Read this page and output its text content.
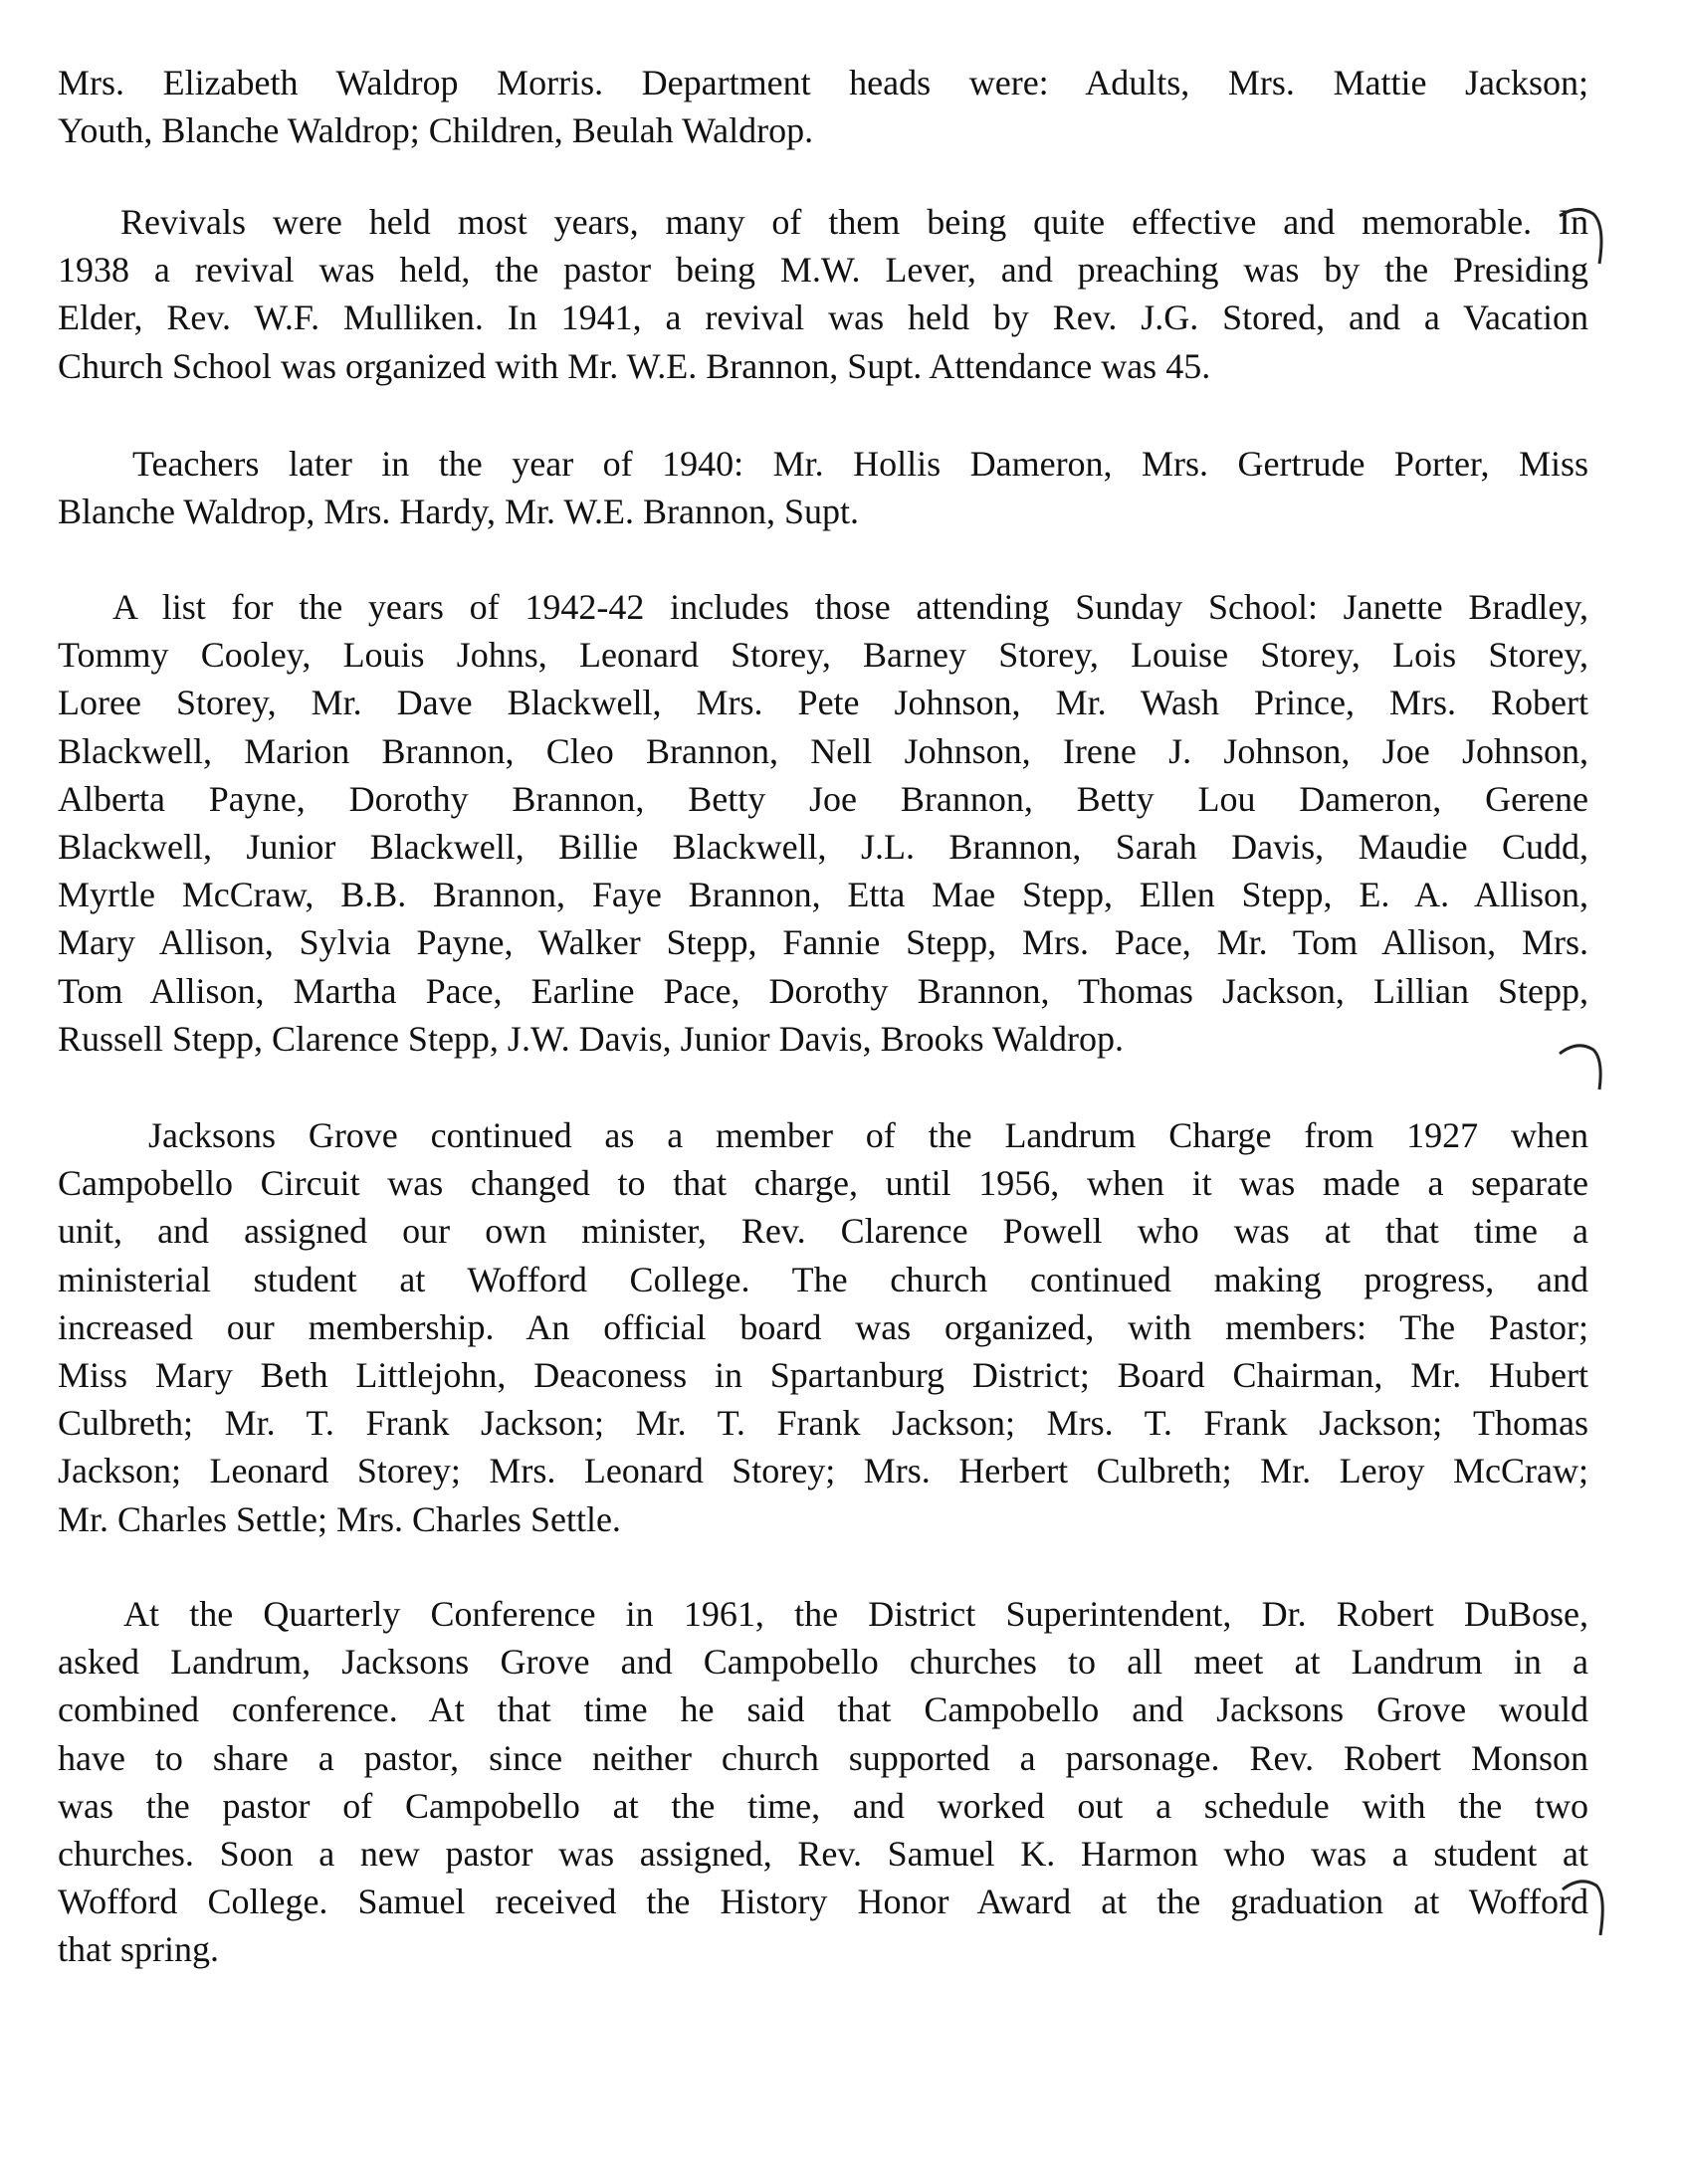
Mrs. Elizabeth Waldrop Morris. Department heads were: Adults, Mrs. Mattie Jackson;
Youth, Blanche Waldrop; Children, Beulah Waldrop.
Revivals were held most years, many of them being quite effective and memorable. In
1938 a revival was held, the pastor being M.W. Lever, and preaching was by the Presiding
Elder, Rev. W.F. Mulliken. In 1941, a revival was held by Rev. J.G. Stored, and a Vacation
Church School was organized with Mr. W.E. Brannon, Supt. Attendance was 45.
Teachers later in the year of 1940: Mr. Hollis Dameron, Mrs. Gertrude Porter, Miss
Blanche Waldrop, Mrs. Hardy, Mr. W.E. Brannon, Supt.
A list for the years of 1942-42 includes those attending Sunday School: Janette Bradley,
Tommy Cooley, Louis Johns, Leonard Storey, Barney Storey, Louise Storey, Lois Storey,
Loree Storey, Mr. Dave Blackwell, Mrs. Pete Johnson, Mr. Wash Prince, Mrs. Robert
Blackwell, Marion Brannon, Cleo Brannon, Nell Johnson, Irene J. Johnson, Joe Johnson,
Alberta Payne, Dorothy Brannon, Betty Joe Brannon, Betty Lou Dameron, Gerene
Blackwell, Junior Blackwell, Billie Blackwell, J.L. Brannon, Sarah Davis, Maudie Cudd,
Myrtle McCraw, B.B. Brannon, Faye Brannon, Etta Mae Stepp, Ellen Stepp, E. A. Allison,
Mary Allison, Sylvia Payne, Walker Stepp, Fannie Stepp, Mrs. Pace, Mr. Tom Allison, Mrs.
Tom Allison, Martha Pace, Earline Pace, Dorothy Brannon, Thomas Jackson, Lillian Stepp,
Russell Stepp, Clarence Stepp, J.W. Davis, Junior Davis, Brooks Waldrop.
Jacksons Grove continued as a member of the Landrum Charge from 1927 when
Campobello Circuit was changed to that charge, until 1956, when it was made a separate
unit, and assigned our own minister, Rev. Clarence Powell who was at that time a
ministerial student at Wofford College. The church continued making progress, and
increased our membership. An official board was organized, with members: The Pastor;
Miss Mary Beth Littlejohn, Deaconess in Spartanburg District; Board Chairman, Mr. Hubert
Culbreth; Mr. T. Frank Jackson; Mr. T. Frank Jackson; Mrs. T. Frank Jackson; Thomas
Jackson; Leonard Storey; Mrs. Leonard Storey; Mrs. Herbert Culbreth; Mr. Leroy McCraw;
Mr. Charles Settle; Mrs. Charles Settle.
At the Quarterly Conference in 1961, the District Superintendent, Dr. Robert DuBose,
asked Landrum, Jacksons Grove and Campobello churches to all meet at Landrum in a
combined conference. At that time he said that Campobello and Jacksons Grove would
have to share a pastor, since neither church supported a parsonage. Rev. Robert Monson
was the pastor of Campobello at the time, and worked out a schedule with the two
churches. Soon a new pastor was assigned, Rev. Samuel K. Harmon who was a student at
Wofford College. Samuel received the History Honor Award at the graduation at Wofford
that spring.
